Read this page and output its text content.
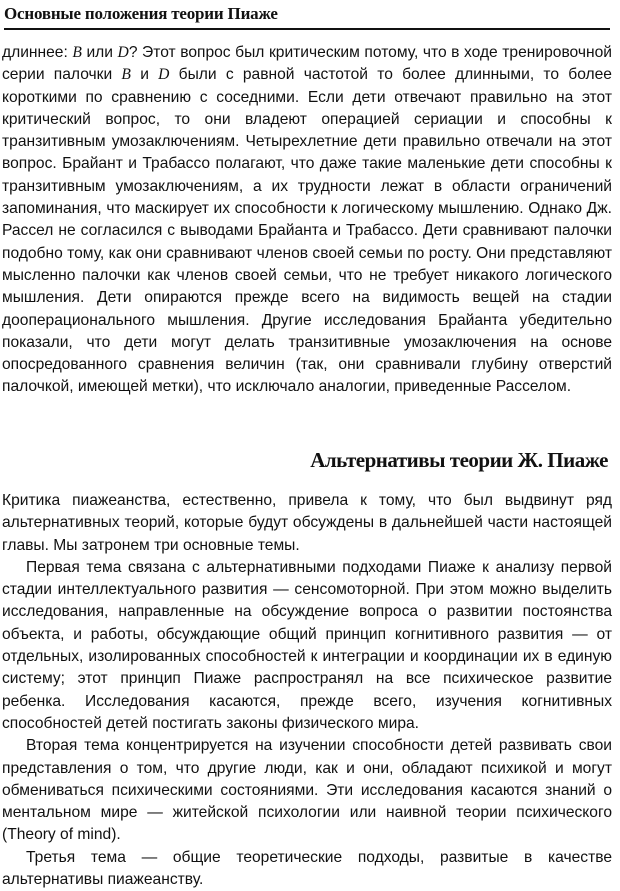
Основные положения теории Пиаже

длиннее: B или D? Этот вопрос был критическим потому, что в ходе тренировочной серии палочки B и D были с равной частотой то более длинными, то более короткими по сравнению с соседними. Если дети отвечают правильно на этот критический вопрос, то они владеют операцией сериации и способны к транзитивным умозаключениям. Четырехлетние дети правильно отвечали на этот вопрос. Брайант и Трабассо полагают, что даже такие маленькие дети способны к транзитивным умозаключениям, а их трудности лежат в области ограничений запоминания, что маскирует их способности к логическому мышлению. Однако Дж. Рассел не согласился с выводами Брайанта и Трабассо. Дети сравнивают палочки подобно тому, как они сравнивают членов своей семьи по росту. Они представляют мысленно палочки как членов своей семьи, что не требует никакого логического мышления. Дети опираются прежде всего на видимость вещей на стадии дооперационального мышления. Другие исследования Брайанта убедительно показали, что дети могут делать транзитивные умозаключения на основе опосредованного сравнения величин (так, они сравнивали глубину отверстий палочкой, имеющей метки), что исключало аналогии, приведенные Расселом.

Альтернативы теории Ж. Пиаже

Критика пиажеанства, естественно, привела к тому, что был выдвинут ряд альтернативных теорий, которые будут обсуждены в дальнейшей части настоящей главы. Мы затронем три основные темы.

Первая тема связана с альтернативными подходами Пиаже к анализу первой стадии интеллектуального развития — сенсомоторной. При этом можно выделить исследования, направленные на обсуждение вопроса о развитии постоянства объекта, и работы, обсуждающие общий принцип когнитивного развития — от отдельных, изолированных способностей к интеграции и координации их в единую систему; этот принцип Пиаже распространял на все психическое развитие ребенка. Исследования касаются, прежде всего, изучения когнитивных способностей детей постигать законы физического мира.

Вторая тема концентрируется на изучении способности детей развивать свои представления о том, что другие люди, как и они, обладают психикой и могут обмениваться психическими состояниями. Эти исследования касаются знаний о ментальном мире — житейской психологии или наивной теории психического (Theory of mind).

Третья тема — общие теоретические подходы, развитые в качестве альтернативы пиажеанству.
